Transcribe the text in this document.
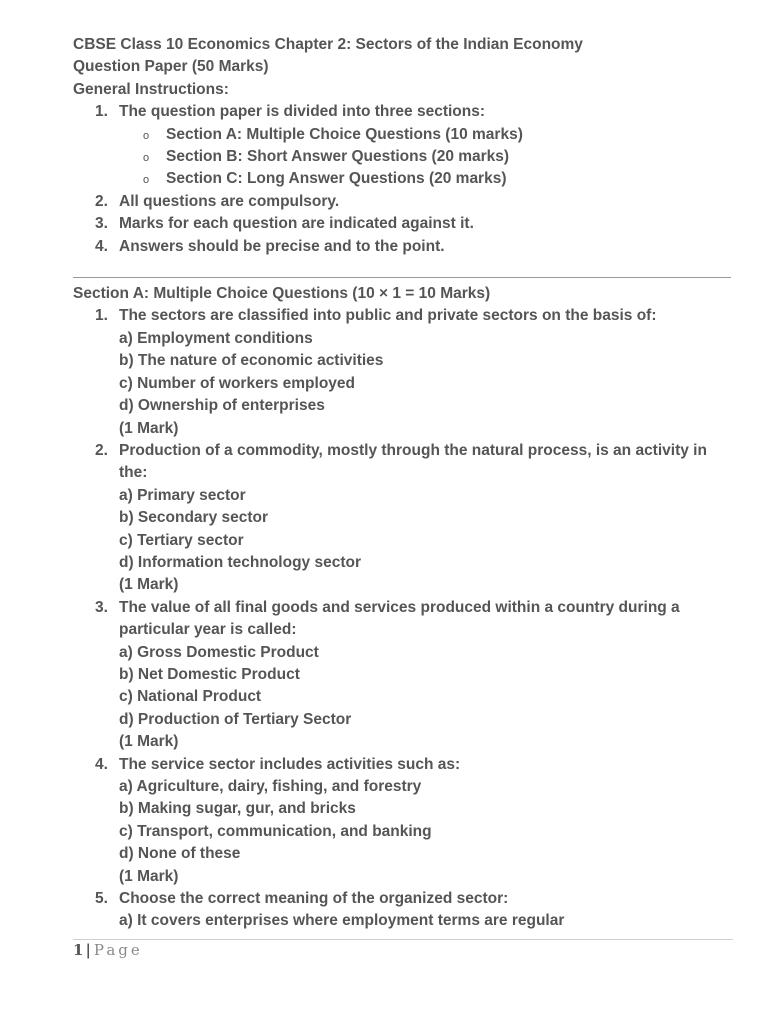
CBSE Class 10 Economics Chapter 2: Sectors of the Indian Economy
Question Paper (50 Marks)
General Instructions:
1. The question paper is divided into three sections:
o Section A: Multiple Choice Questions (10 marks)
o Section B: Short Answer Questions (20 marks)
o Section C: Long Answer Questions (20 marks)
2. All questions are compulsory.
3. Marks for each question are indicated against it.
4. Answers should be precise and to the point.
Section A: Multiple Choice Questions (10 × 1 = 10 Marks)
1. The sectors are classified into public and private sectors on the basis of:
a) Employment conditions
b) The nature of economic activities
c) Number of workers employed
d) Ownership of enterprises
(1 Mark)
2. Production of a commodity, mostly through the natural process, is an activity in the:
a) Primary sector
b) Secondary sector
c) Tertiary sector
d) Information technology sector
(1 Mark)
3. The value of all final goods and services produced within a country during a particular year is called:
a) Gross Domestic Product
b) Net Domestic Product
c) National Product
d) Production of Tertiary Sector
(1 Mark)
4. The service sector includes activities such as:
a) Agriculture, dairy, fishing, and forestry
b) Making sugar, gur, and bricks
c) Transport, communication, and banking
d) None of these
(1 Mark)
5. Choose the correct meaning of the organized sector:
a) It covers enterprises where employment terms are regular
1 | Page
